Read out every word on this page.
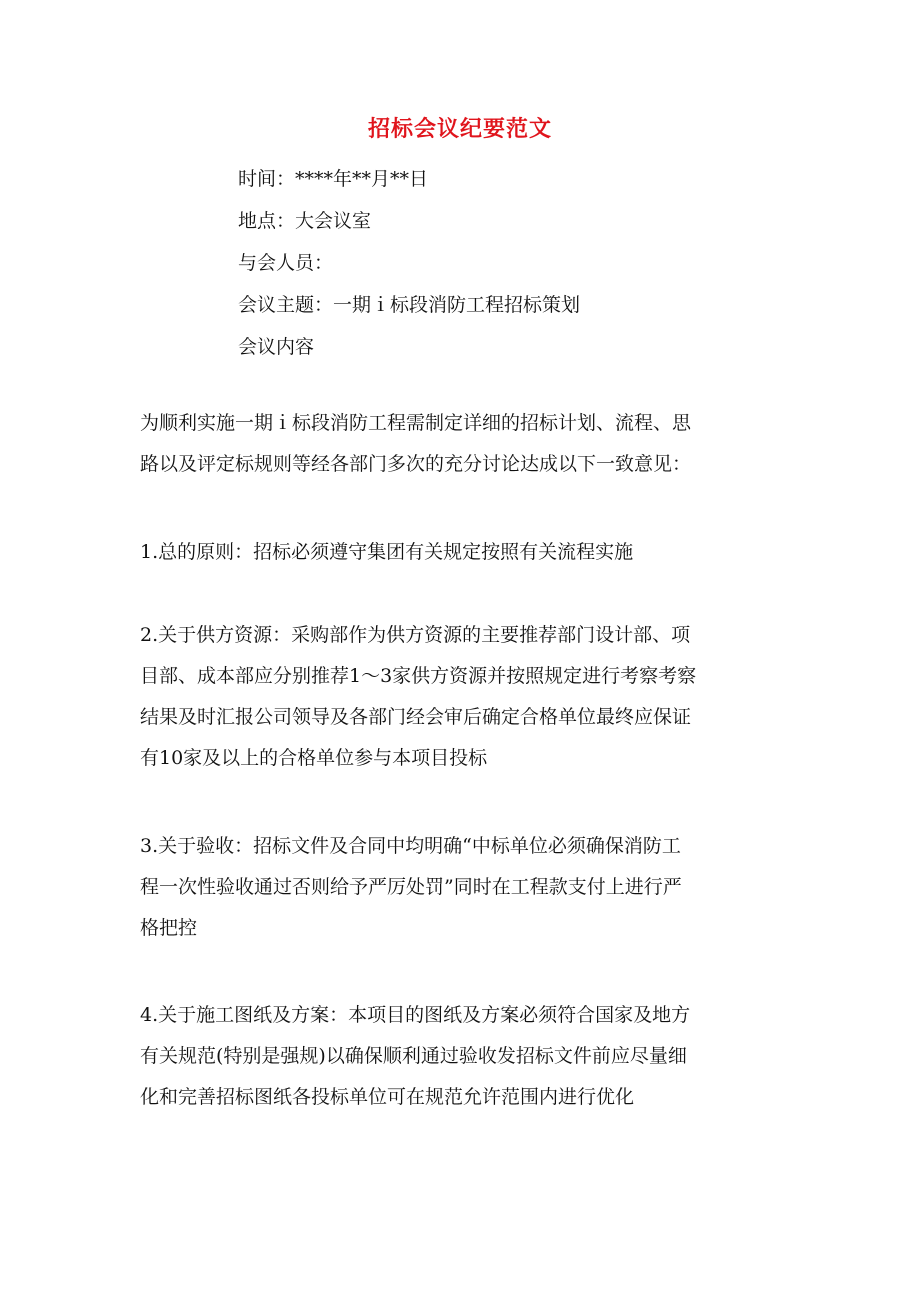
招标会议纪要范文
时间：****年**月**日
地点：大会议室
与会人员：
会议主题：一期ｉ标段消防工程招标策划
会议内容

为顺利实施一期ｉ标段消防工程需制定详细的招标计划、流程、思
路以及评定标规则等经各部门多次的充分讨论达成以下一致意见：

1.总的原则：招标必须遵守集团有关规定按照有关流程实施

2.关于供方资源：采购部作为供方资源的主要推荐部门设计部、项
目部、成本部应分别推荐1～3家供方资源并按照规定进行考察考察
结果及时汇报公司领导及各部门经会审后确定合格单位最终应保证
有10家及以上的合格单位参与本项目投标

3.关于验收：招标文件及合同中均明确“中标单位必须确保消防工
程一次性验收通过否则给予严厉处罚”同时在工程款支付上进行严
格把控

4.关于施工图纸及方案：本项目的图纸及方案必须符合国家及地方
有关规范(特别是强规)以确保顺利通过验收发招标文件前应尽量细
化和完善招标图纸各投标单位可在规范允许范围内进行优化
